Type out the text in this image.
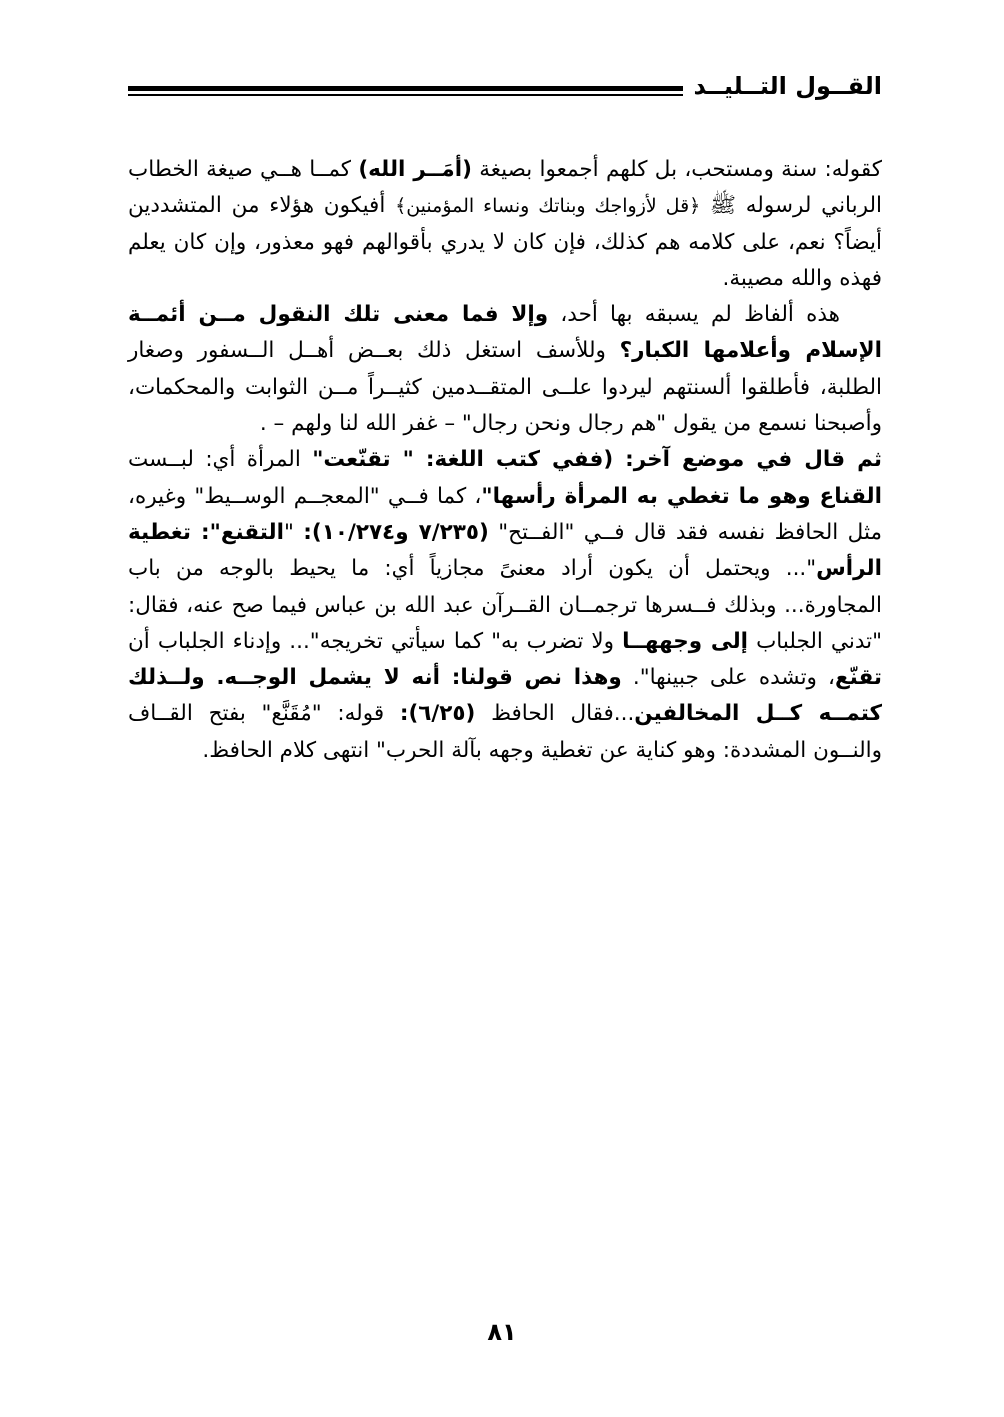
القــول التــليــد

كقوله: سنة ومستحب، بل كلهم أجمعوا بصيغة (أمَــر الله) كمــا هــي صيغة الخطاب الرباني لرسوله ﷺ ﴿قل لأزواجك وبناتك ونساء المؤمنين﴾ أفيكون هؤلاء من المتشددين أيضاً؟ نعم، على كلامه هم كذلك، فإن كان لا يدري بأقوالهم فهو معذور، وإن كان يعلم فهذه والله مصيبة.

هذه ألفاظ لم يسبقه بها أحد، وإلا فما معنى تلك النقول مــن أئمــة الإسلام وأعلامها الكبار؟ وللأسف استغل ذلك بعــض أهــل الــسفور وصغار الطلبة، فأطلقوا ألسنتهم ليردوا علــى المتقــدمين كثيــراً مــن الثوابت والمحكمات، وأصبحنا نسمع من يقول "هم رجال ونحن رجال" – غفر الله لنا ولهم – .

ثم قال في موضع آخر: (ففي كتب اللغة: " تقنّعت" المرأة أي: لبــست القناع وهو ما تغطي به المرأة رأسها"، كما فــي "المعجــم الوســيط" وغيره، مثل الحافظ نفسه فقد قال فــي "الفــتح" (٧/٢٣٥ و١٠/٢٧٤): "التقنع": تغطية الرأس"... ويحتمل أن يكون أراد معنىً مجازياً أي: ما يحيط بالوجه من باب المجاورة... وبذلك فــسرها ترجمــان القــرآن عبد الله بن عباس فيما صح عنه، فقال: "تدني الجلباب إلى وجههــا ولا تضرب به" كما سيأتي تخريجه"... وإدناء الجلباب أن تقنّع، وتشده على جبينها". وهذا نص قولنا: أنه لا يشمل الوجــه. ولــذلك كتمــه كــل المخالفين...فقال الحافظ (٦/٢٥): قوله: "مُقَنَّع" بفتح القــاف والنــون المشددة: وهو كناية عن تغطية وجهه بآلة الحرب" انتهى كلام الحافظ.

٨١
